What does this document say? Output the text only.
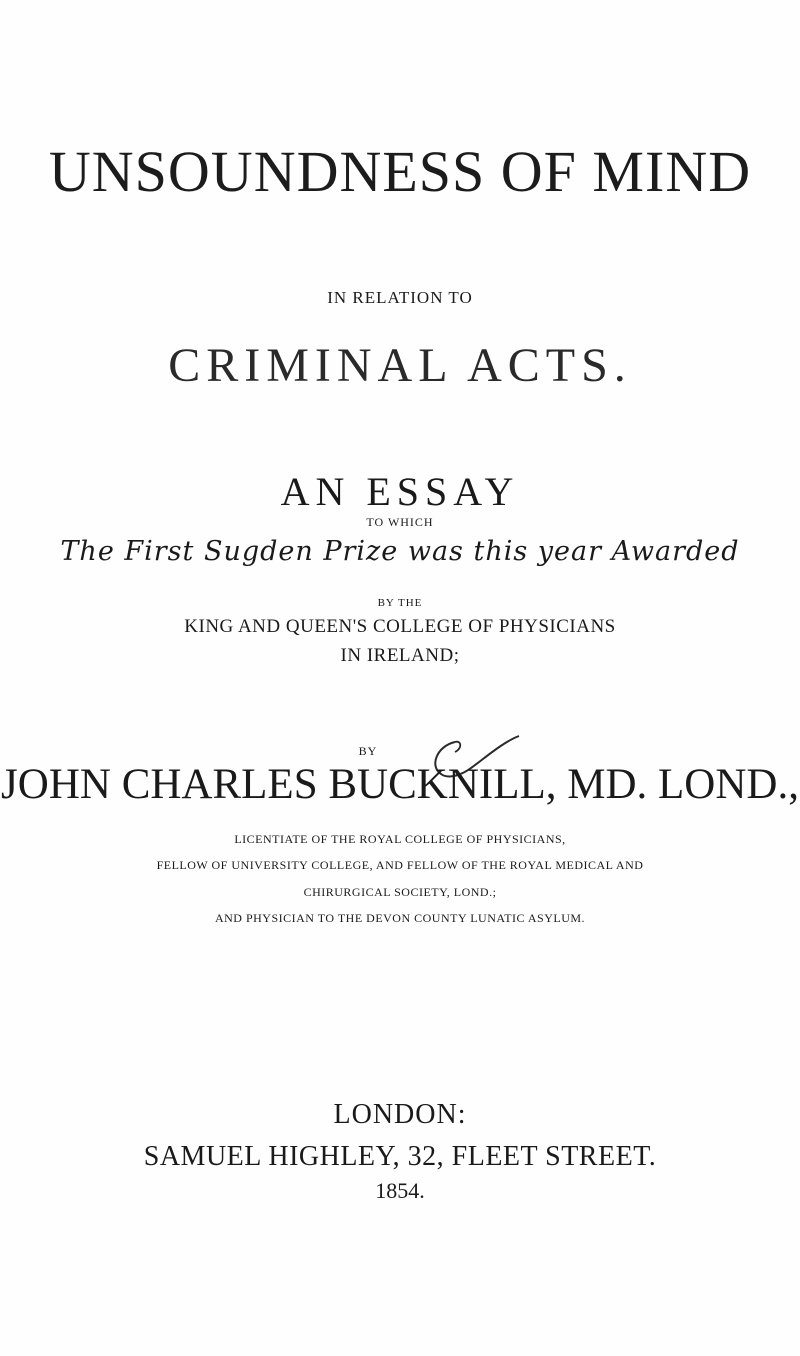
UNSOUNDNESS OF MIND
IN RELATION TO
CRIMINAL ACTS.
AN ESSAY
TO WHICH
The First Sugden Prize was this year Awarded
BY THE
KING AND QUEEN'S COLLEGE OF PHYSICIANS
IN IRELAND;
BY
JOHN CHARLES BUCKNILL, MD. LOND.,
LICENTIATE OF THE ROYAL COLLEGE OF PHYSICIANS,
FELLOW OF UNIVERSITY COLLEGE, AND FELLOW OF THE ROYAL MEDICAL AND
CHIRURGICAL SOCIETY, LOND.;
AND PHYSICIAN TO THE DEVON COUNTY LUNATIC ASYLUM.
LONDON:
SAMUEL HIGHLEY, 32, FLEET STREET.
1854.
